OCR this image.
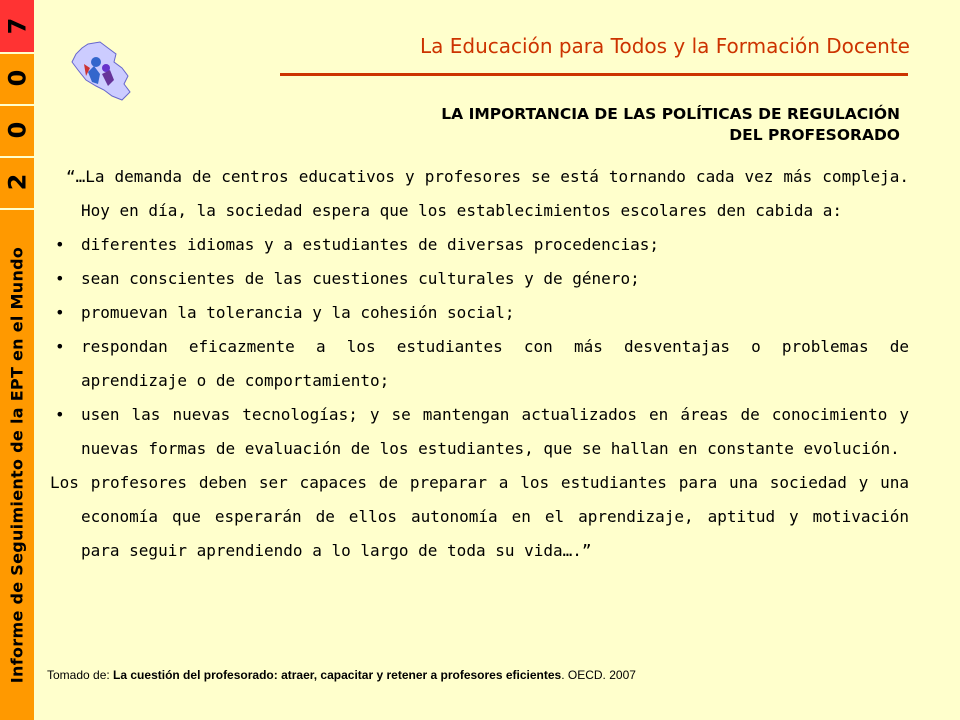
7
0
0
2
Informe de Seguimiento de la EPT en el Mundo
La Educación para Todos y la Formación Docente
LA IMPORTANCIA DE LAS POLÍTICAS DE REGULACIÓN
DEL PROFESORADO

“…La demanda de centros educativos y profesores se está tornando cada vez más compleja. Hoy en día, la sociedad espera que los establecimientos escolares den cabida a:

• diferentes idiomas y a estudiantes de diversas procedencias;
• sean conscientes de las cuestiones culturales y de género;
• promuevan la tolerancia y la cohesión social;
• respondan eficazmente a los estudiantes con más desventajas o problemas de aprendizaje o de comportamiento;
• usen las nuevas tecnologías; y se mantengan actualizados en áreas de conocimiento y nuevas formas de evaluación de los estudiantes, que se hallan en constante evolución.

Los profesores deben ser capaces de preparar a los estudiantes para una sociedad y una economía que esperarán de ellos autonomía en el aprendizaje, aptitud y motivación para seguir aprendiendo a lo largo de toda su vida….”

Tomado de: La cuestión del profesorado: atraer, capacitar y retener a profesores eficientes. OECD. 2007
